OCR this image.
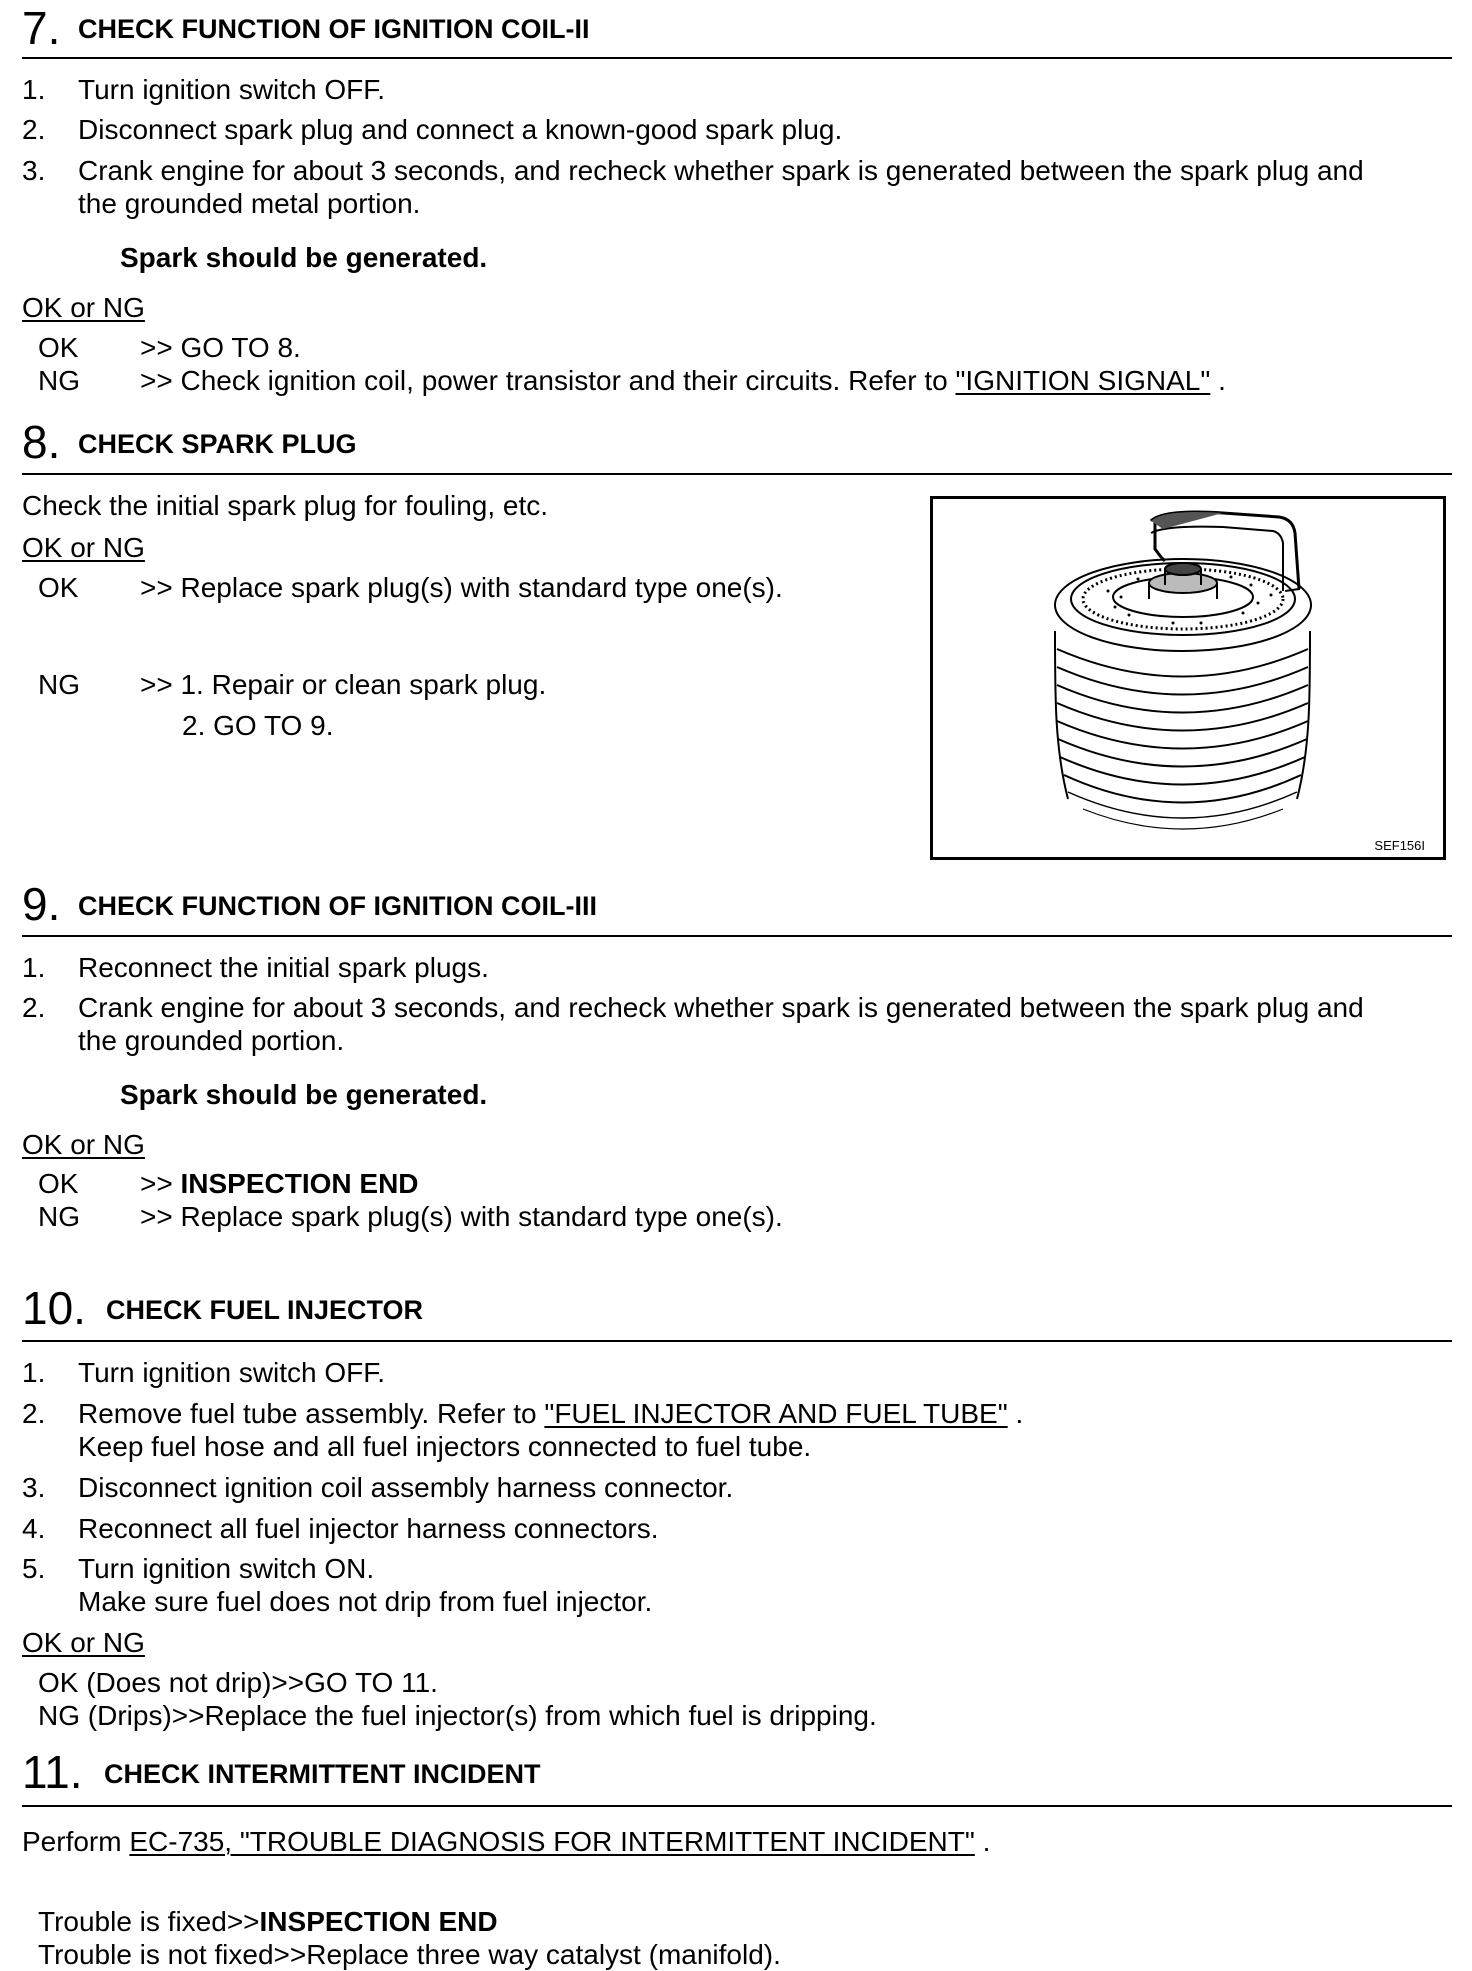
7. CHECK FUNCTION OF IGNITION COIL-II
1. Turn ignition switch OFF.
2. Disconnect spark plug and connect a known-good spark plug.
3. Crank engine for about 3 seconds, and recheck whether spark is generated between the spark plug and
the grounded metal portion.
Spark should be generated.
OK or NG
OK >> GO TO 8.
NG >> Check ignition coil, power transistor and their circuits. Refer to "IGNITION SIGNAL" .
8. CHECK SPARK PLUG
Check the initial spark plug for fouling, etc.
OK or NG
OK >> Replace spark plug(s) with standard type one(s).
NG >> 1. Repair or clean spark plug.
2. GO TO 9.
SEF156I
9. CHECK FUNCTION OF IGNITION COIL-III
1. Reconnect the initial spark plugs.
2. Crank engine for about 3 seconds, and recheck whether spark is generated between the spark plug and
the grounded portion.
Spark should be generated.
OK or NG
OK >> INSPECTION END
NG >> Replace spark plug(s) with standard type one(s).
10. CHECK FUEL INJECTOR
1. Turn ignition switch OFF.
2. Remove fuel tube assembly. Refer to "FUEL INJECTOR AND FUEL TUBE" .
Keep fuel hose and all fuel injectors connected to fuel tube.
3. Disconnect ignition coil assembly harness connector.
4. Reconnect all fuel injector harness connectors.
5. Turn ignition switch ON.
Make sure fuel does not drip from fuel injector.
OK or NG
OK (Does not drip)>>GO TO 11.
NG (Drips)>>Replace the fuel injector(s) from which fuel is dripping.
11. CHECK INTERMITTENT INCIDENT
Perform EC-735, "TROUBLE DIAGNOSIS FOR INTERMITTENT INCIDENT" .
Trouble is fixed>>INSPECTION END
Trouble is not fixed>>Replace three way catalyst (manifold).
